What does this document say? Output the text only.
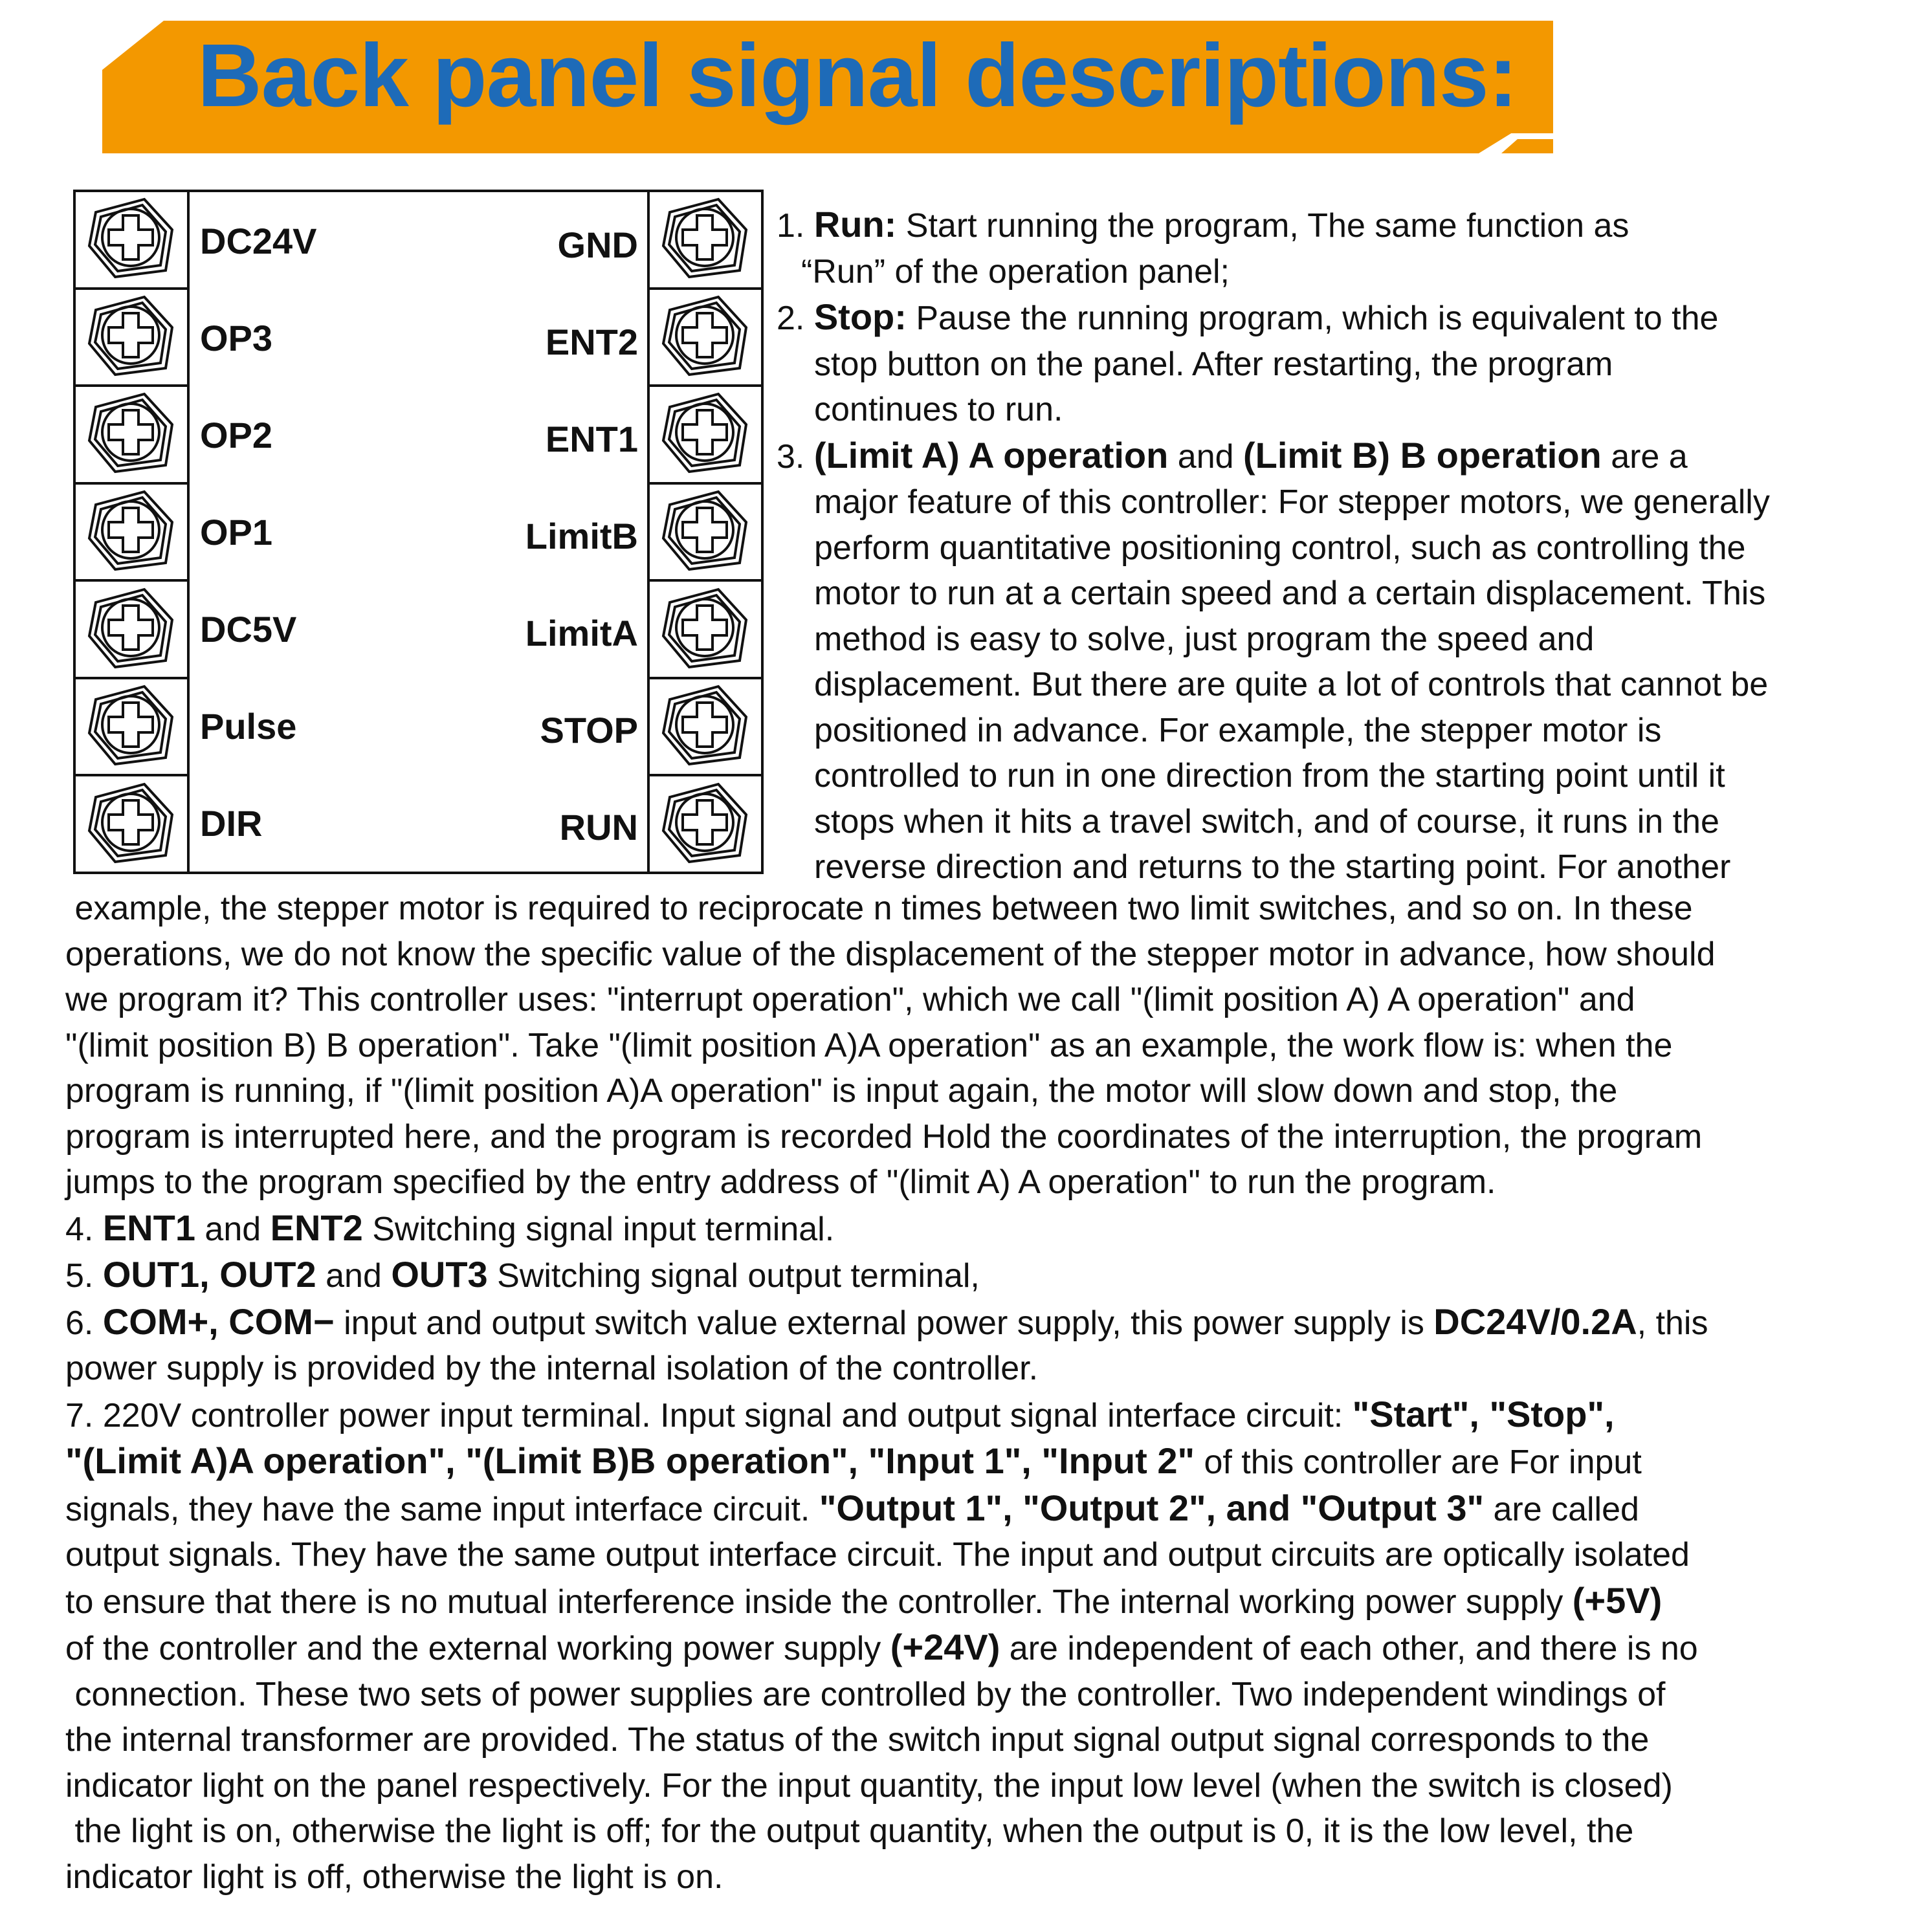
Back panel signal descriptions:
DC24V	GND
OP3	ENT2
OP2	ENT1
OP1	LimitB
DC5V	LimitA
Pulse	STOP
DIR	RUN
1. Run: Start running the program, The same function as
“Run” of the operation panel;
2. Stop: Pause the running program, which is equivalent to the
stop button on the panel. After restarting, the program
continues to run.
3. (Limit A) A operation and (Limit B) B operation are a
major feature of this controller: For stepper motors, we generally
perform quantitative positioning control, such as controlling the
motor to run at a certain speed and a certain displacement. This
method is easy to solve, just program the speed and
displacement. But there are quite a lot of controls that cannot be
positioned in advance. For example, the stepper motor is
controlled to run in one direction from the starting point until it
stops when it hits a travel switch, and of course, it runs in the
reverse direction and returns to the starting point. For another
example, the stepper motor is required to reciprocate n times between two limit switches, and so on. In these
operations, we do not know the specific value of the displacement of the stepper motor in advance, how should
we program it? This controller uses: "interrupt operation", which we call "(limit position A) A operation" and
"(limit position B) B operation". Take "(limit position A)A operation" as an example, the work flow is: when the
program is running, if "(limit position A)A operation" is input again, the motor will slow down and stop, the
program is interrupted here, and the program is recorded Hold the coordinates of the interruption, the program
jumps to the program specified by the entry address of "(limit A) A operation" to run the program.
4. ENT1 and ENT2 Switching signal input terminal.
5. OUT1, OUT2 and OUT3 Switching signal output terminal,
6. COM+, COM− input and output switch value external power supply, this power supply is DC24V/0.2A, this
power supply is provided by the internal isolation of the controller.
7. 220V controller power input terminal. Input signal and output signal interface circuit: "Start", "Stop",
"(Limit A)A operation", "(Limit B)B operation", "Input 1", "Input 2" of this controller are For input
signals, they have the same input interface circuit. "Output 1", "Output 2", and "Output 3" are called
output signals. They have the same output interface circuit. The input and output circuits are optically isolated
to ensure that there is no mutual interference inside the controller. The internal working power supply (+5V)
of the controller and the external working power supply (+24V) are independent of each other, and there is no
connection. These two sets of power supplies are controlled by the controller. Two independent windings of
the internal transformer are provided. The status of the switch input signal output signal corresponds to the
indicator light on the panel respectively. For the input quantity, the input low level (when the switch is closed)
the light is on, otherwise the light is off; for the output quantity, when the output is 0, it is the low level, the
indicator light is off, otherwise the light is on.
